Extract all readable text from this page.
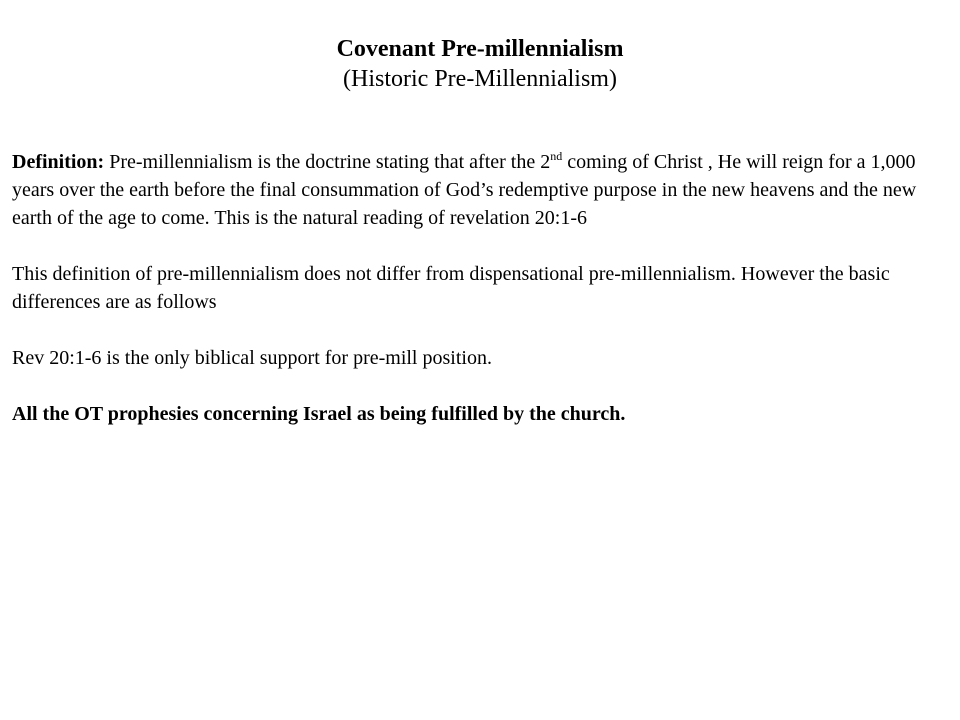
Covenant Pre-millennialism
(Historic Pre-Millennialism)

Definition: Pre-millennialism is the doctrine stating that after the 2nd coming of Christ , He will reign for a 1,000 years over the earth before the final consummation of God’s redemptive purpose in the new heavens and the new earth of the age to come. This is the natural reading of revelation 20:1-6

This definition of pre-millennialism does not differ from dispensational pre-millennialism. However the basic differences are as follows

Rev 20:1-6 is the only biblical support for pre-mill position.

All the OT prophesies concerning Israel as being fulfilled by the church.
